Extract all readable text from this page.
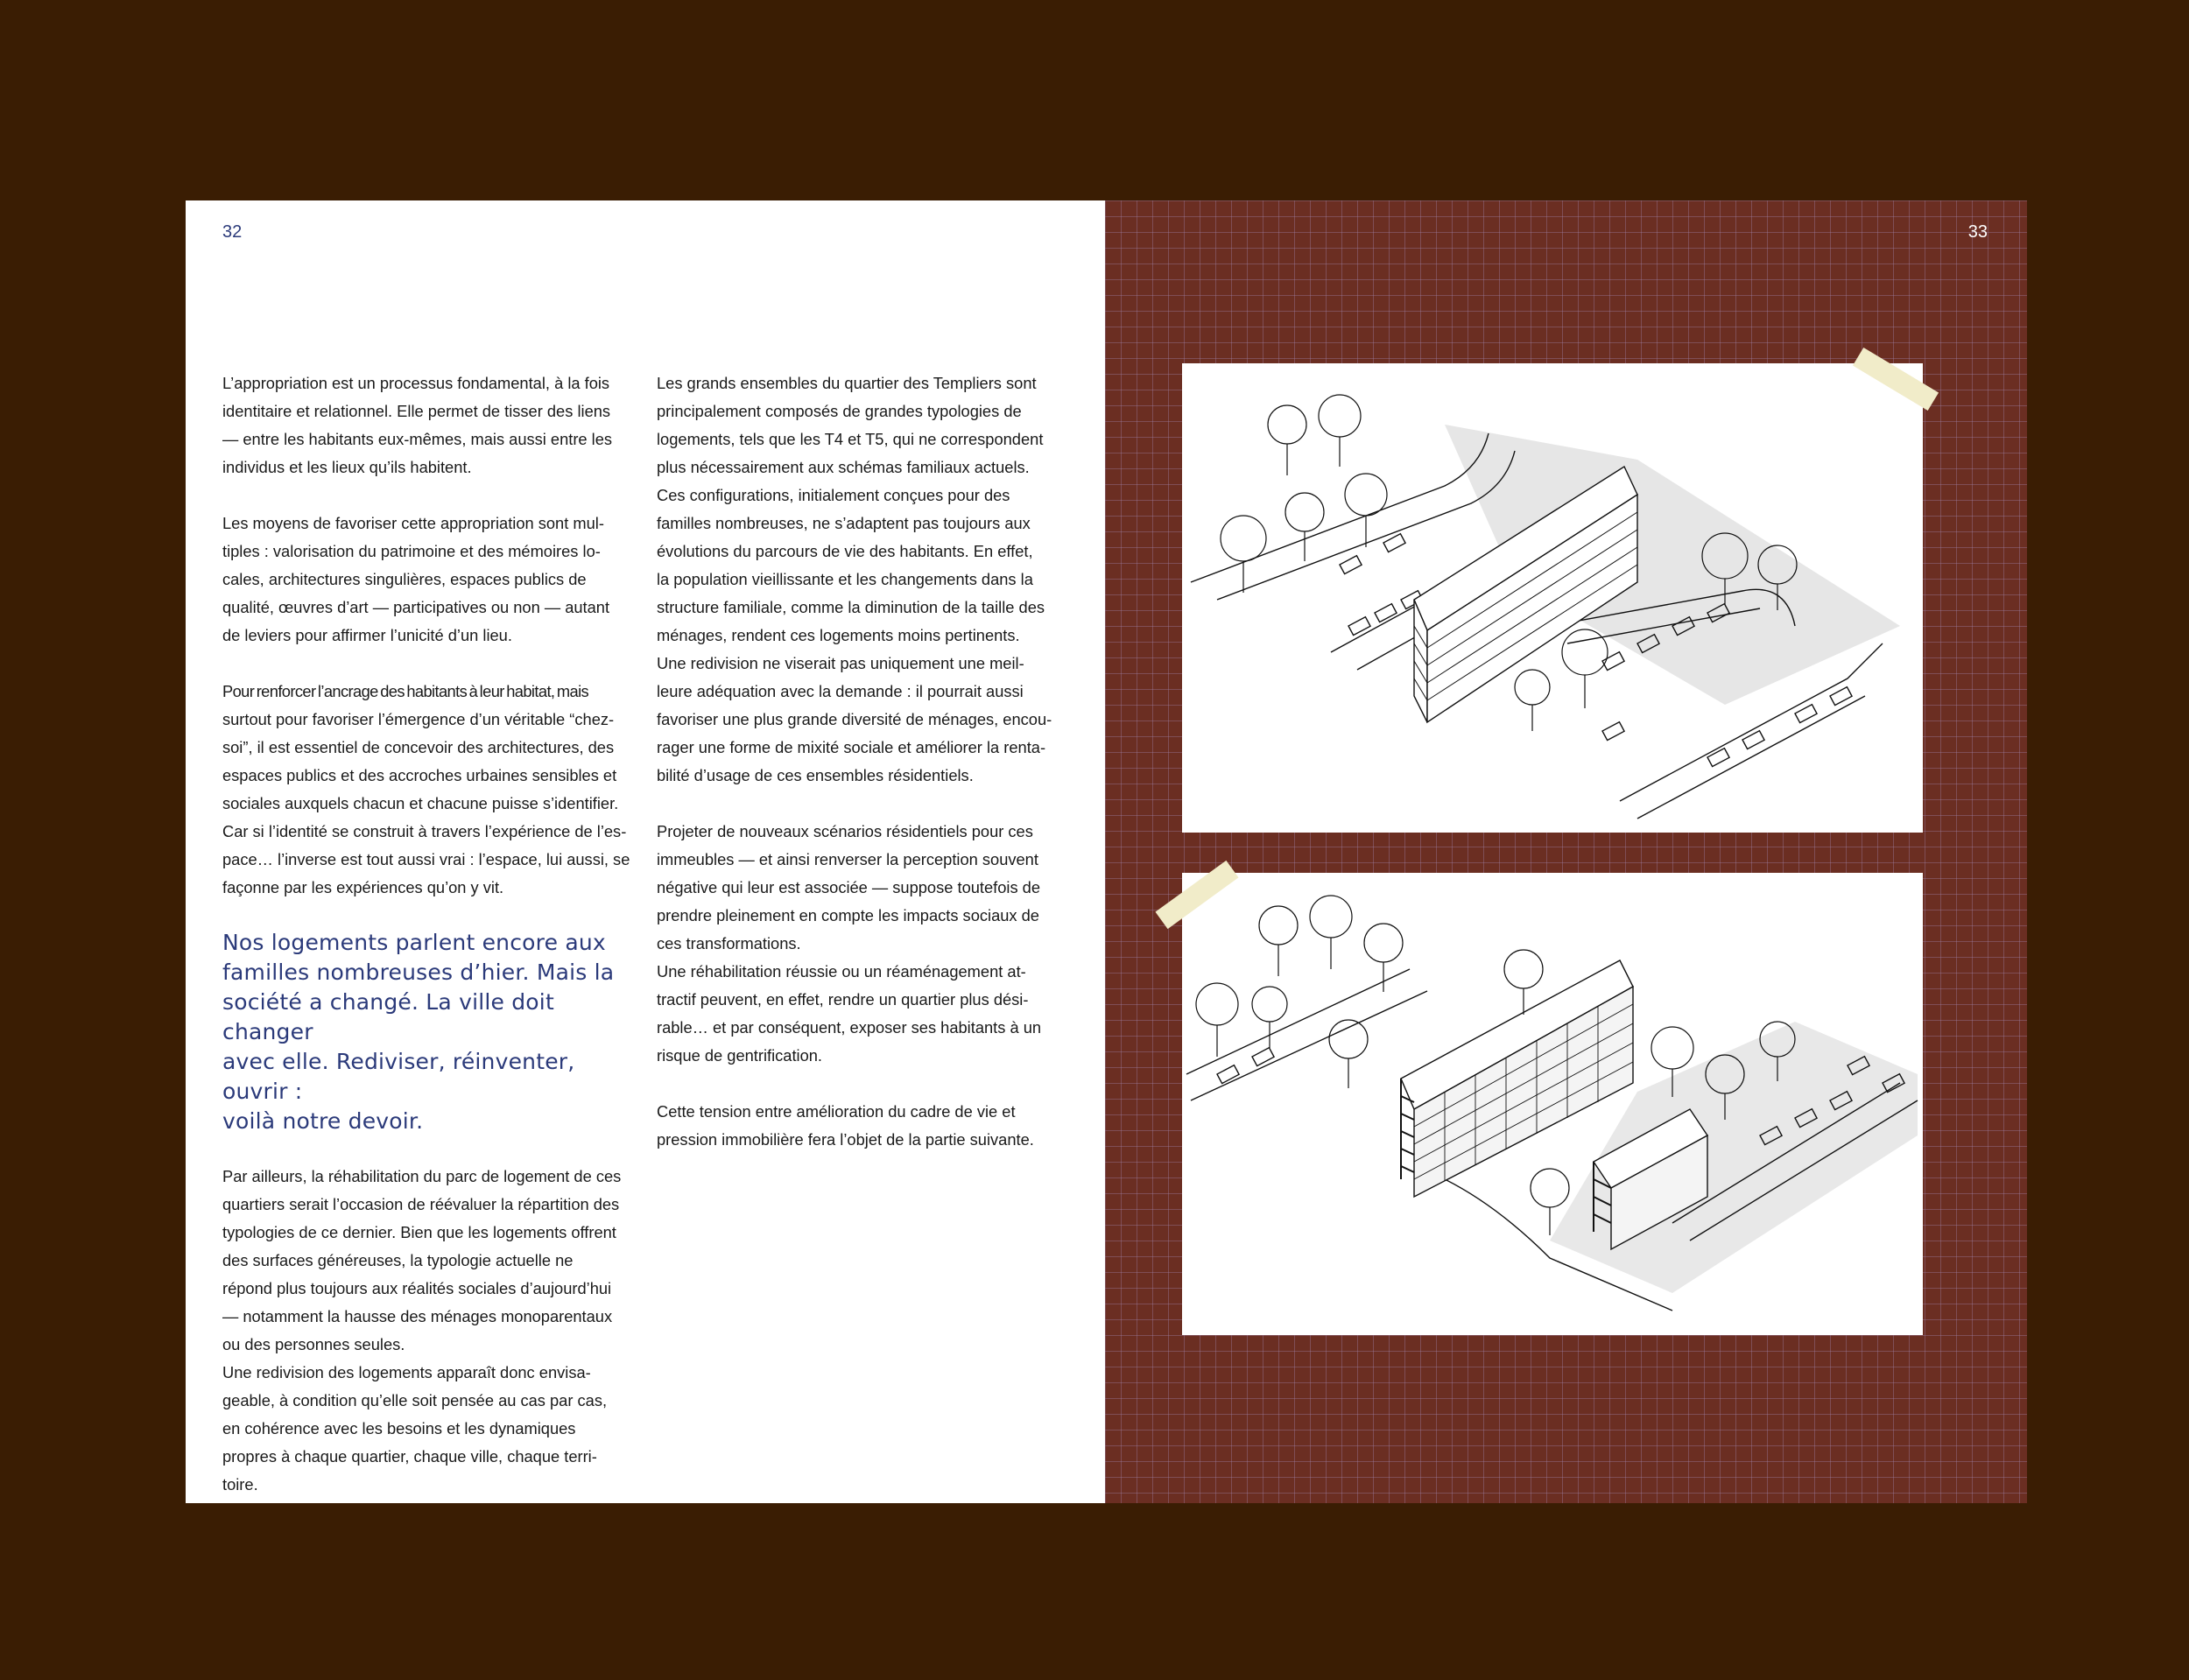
32

L’appropriation est un processus fondamental, à la fois
identitaire et relationnel. Elle permet de tisser des liens
— entre les habitants eux-mêmes, mais aussi entre les
individus et les lieux qu’ils habitent.

Les moyens de favoriser cette appropriation sont mul-
tiples : valorisation du patrimoine et des mémoires lo-
cales, architectures singulières, espaces publics de
qualité, œuvres d’art — participatives ou non — autant
de leviers pour affirmer l’unicité d’un lieu.

Pour renforcer l’ancrage des habitants à leur habitat, mais
surtout pour favoriser l’émergence d’un véritable “chez-
soi”, il est essentiel de concevoir des architectures, des
espaces publics et des accroches urbaines sensibles et
sociales auxquels chacun et chacune puisse s’identifier.
Car si l’identité se construit à travers l’expérience de l’es-
pace… l’inverse est tout aussi vrai : l’espace, lui aussi, se
façonne par les expériences qu’on y vit.

Nos logements parlent encore aux
familles nombreuses d’hier. Mais la
société a changé. La ville doit changer
avec elle. Rediviser, réinventer, ouvrir :
voilà notre devoir.

Par ailleurs, la réhabilitation du parc de logement de ces
quartiers serait l’occasion de réévaluer la répartition des
typologies de ce dernier. Bien que les logements offrent
des surfaces généreuses, la typologie actuelle ne
répond plus toujours aux réalités sociales d’aujourd’hui
— notamment la hausse des ménages monoparentaux
ou des personnes seules.
Une redivision des logements apparaît donc envisa-
geable, à condition qu’elle soit pensée au cas par cas,
en cohérence avec les besoins et les dynamiques
propres à chaque quartier, chaque ville, chaque terri-
toire.

Les grands ensembles du quartier des Templiers sont
principalement composés de grandes typologies de
logements, tels que les T4 et T5, qui ne correspondent
plus nécessairement aux schémas familiaux actuels.
Ces configurations, initialement conçues pour des
familles nombreuses, ne s’adaptent pas toujours aux
évolutions du parcours de vie des habitants. En effet,
la population vieillissante et les changements dans la
structure familiale, comme la diminution de la taille des
ménages, rendent ces logements moins pertinents.
Une redivision ne viserait pas uniquement une meil-
leure adéquation avec la demande : il pourrait aussi
favoriser une plus grande diversité de ménages, encou-
rager une forme de mixité sociale et améliorer la renta-
bilité d’usage de ces ensembles résidentiels.

Projeter de nouveaux scénarios résidentiels pour ces
immeubles — et ainsi renverser la perception souvent
négative qui leur est associée — suppose toutefois de
prendre pleinement en compte les impacts sociaux de
ces transformations.
Une réhabilitation réussie ou un réaménagement at-
tractif peuvent, en effet, rendre un quartier plus dési-
rable… et par conséquent, exposer ses habitants à un
risque de gentrification.

Cette tension entre amélioration du cadre de vie et
pression immobilière fera l’objet de la partie suivante.

33
